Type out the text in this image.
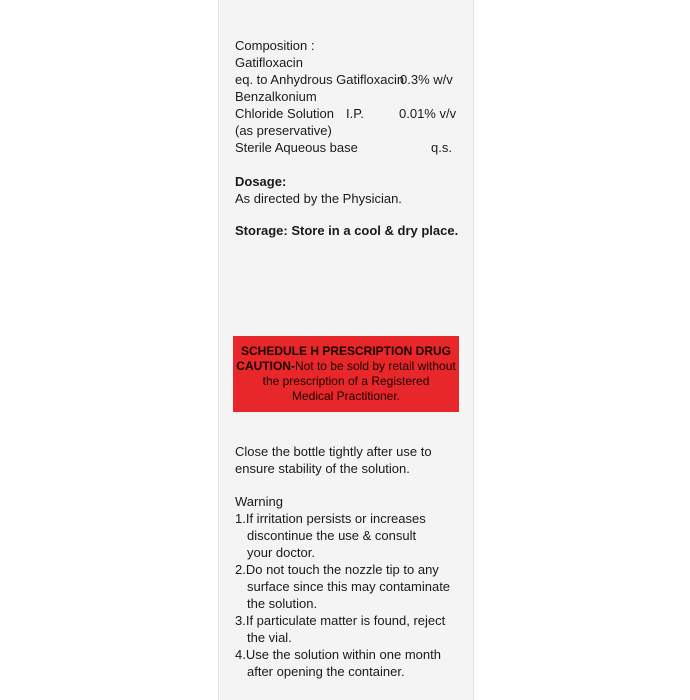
Composition :
Gatifloxacin
eq. to Anhydrous Gatifloxacin
0.3% w/v
Benzalkonium
Chloride Solution I.P.	0.01% v/v
(as preservative)
Sterile Aqueous base	q.s.
Dosage:
As directed by the Physician.
Storage: Store in a cool & dry place.
SCHEDULE H PRESCRIPTION DRUG
CAUTION-Not to be sold by retail without
the prescription of a Registered
Medical Practitioner.
Close the bottle tightly after use to
ensure stability of the solution.
Warning
1.If irritation persists or increases
discontinue the use & consult
your doctor.
2.Do not touch the nozzle tip to any
surface since this may contaminate
the solution.
3.If particulate matter is found, reject
the vial.
4.Use the solution within one month
after opening the container.
